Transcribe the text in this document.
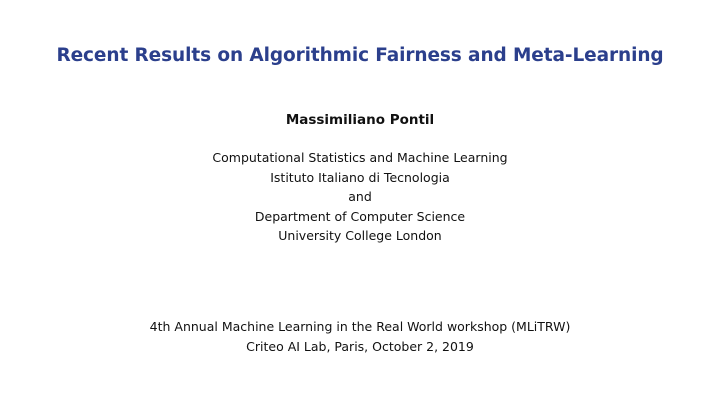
Recent Results on Algorithmic Fairness and Meta-Learning
Massimiliano Pontil
Computational Statistics and Machine Learning
Istituto Italiano di Tecnologia
and
Department of Computer Science
University College London
4th Annual Machine Learning in the Real World workshop (MLiTRW)
Criteo AI Lab, Paris, October 2, 2019
